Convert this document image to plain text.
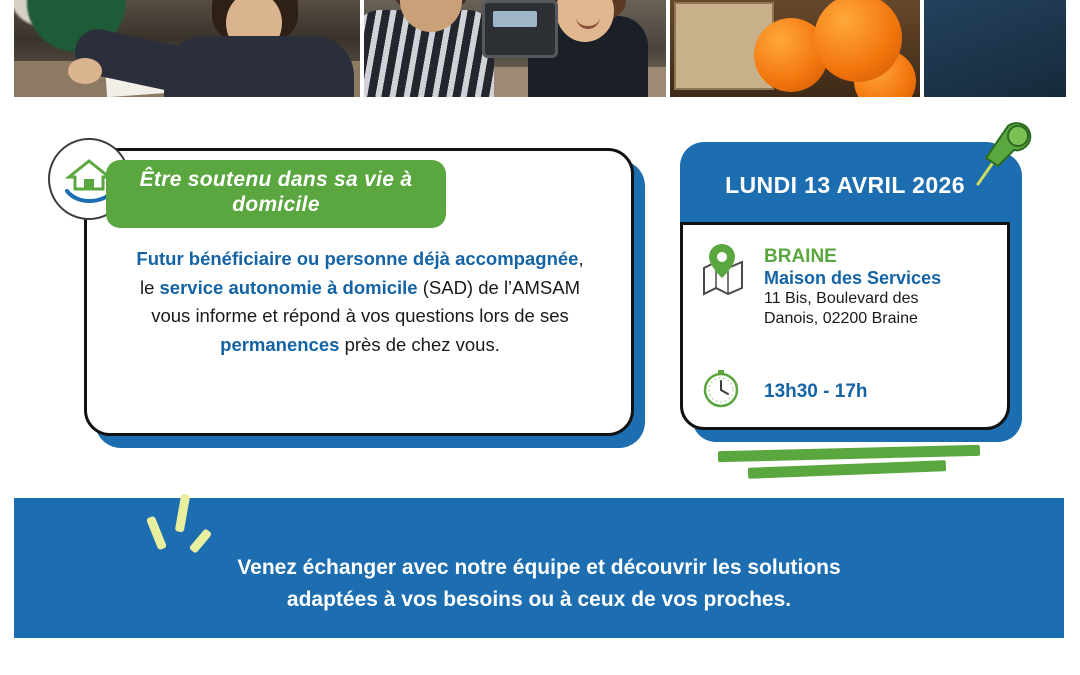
Être soutenu dans sa vie à domicile
Futur bénéficiaire ou personne déjà accompagnée,
le service autonomie à domicile (SAD) de l’AMSAM
vous informe et répond à vos questions lors de ses
permanences près de chez vous.
LUNDI 13 AVRIL 2026
BRAINE
Maison des Services
11 Bis, Boulevard des
Danois, 02200 Braine
13h30 - 17h
Venez échanger avec notre équipe et découvrir les solutions
adaptées à vos besoins ou à ceux de vos proches.
